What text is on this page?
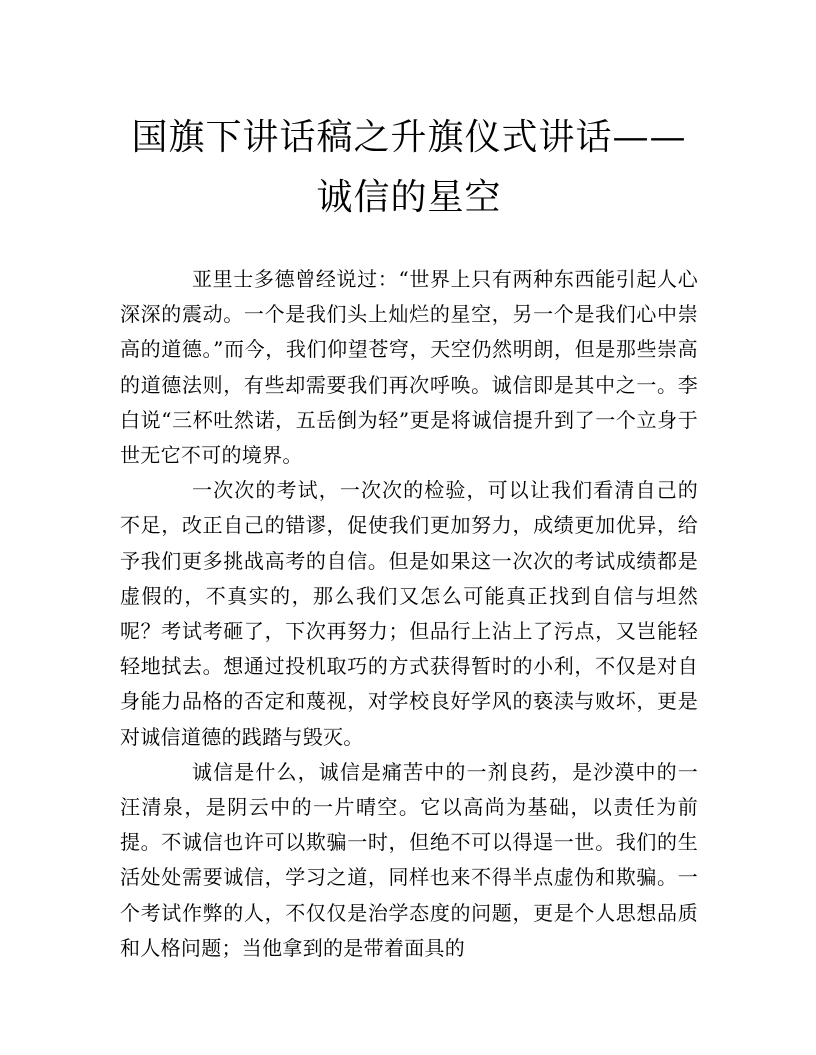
国旗下讲话稿之升旗仪式讲话——诚信的星空

亚里士多德曾经说过：“世界上只有两种东西能引起人心深深的震动。一个是我们头上灿烂的星空，另一个是我们心中崇高的道德。”而今，我们仰望苍穹，天空仍然明朗，但是那些崇高的道德法则，有些却需要我们再次呼唤。诚信即是其中之一。李白说“三杯吐然诺，五岳倒为轻”更是将诚信提升到了一个立身于世无它不可的境界。

一次次的考试，一次次的检验，可以让我们看清自己的不足，改正自己的错谬，促使我们更加努力，成绩更加优异，给予我们更多挑战高考的自信。但是如果这一次次的考试成绩都是虚假的，不真实的，那么我们又怎么可能真正找到自信与坦然呢？考试考砸了，下次再努力；但品行上沾上了污点，又岂能轻轻地拭去。想通过投机取巧的方式获得暂时的小利，不仅是对自身能力品格的否定和蔑视，对学校良好学风的亵渎与败坏，更是对诚信道德的践踏与毁灭。

诚信是什么，诚信是痛苦中的一剂良药，是沙漠中的一汪清泉，是阴云中的一片晴空。它以高尚为基础，以责任为前提。不诚信也许可以欺骗一时，但绝不可以得逞一世。我们的生活处处需要诚信，学习之道，同样也来不得半点虚伪和欺骗。一个考试作弊的人，不仅仅是治学态度的问题，更是个人思想品质和人格问题；当他拿到的是带着面具的
